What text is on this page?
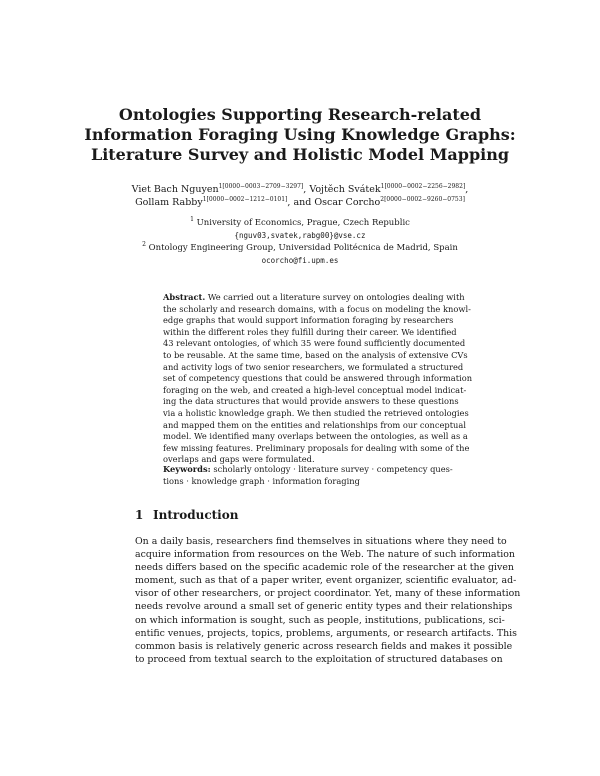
Ontologies Supporting Research-related
Information Foraging Using Knowledge Graphs:
Literature Survey and Holistic Model Mapping
Viet Bach Nguyen$^{1[0000-0003-2709-3297]}$, Vojtěch Svátek$^{1[0000-0002-2256-2982]}$,
Gollam Rabby$^{1[0000-0002-1212-0101]}$, and Oscar Corcho$^{2[0000-0002-9260-0753]}$
$^1$ University of Economics, Prague, Czech Republic
{nguv03,svatek,rabg00}@vse.cz
$^2$ Ontology Engineering Group, Universidad Politécnica de Madrid, Spain
ocorcho@fi.upm.es
Abstract. We carried out a literature survey on ontologies dealing with
the scholarly and research domains, with a focus on modeling the knowl-
edge graphs that would support information foraging by researchers
within the different roles they fulfill during their career. We identified
43 relevant ontologies, of which 35 were found sufficiently documented
to be reusable. At the same time, based on the analysis of extensive CVs
and activity logs of two senior researchers, we formulated a structured
set of competency questions that could be answered through information
foraging on the web, and created a high-level conceptual model indicat-
ing the data structures that would provide answers to these questions
via a holistic knowledge graph. We then studied the retrieved ontologies
and mapped them on the entities and relationships from our conceptual
model. We identified many overlaps between the ontologies, as well as a
few missing features. Preliminary proposals for dealing with some of the
overlaps and gaps were formulated.
Keywords: scholarly ontology · literature survey · competency ques-
tions · knowledge graph · information foraging
1 Introduction
On a daily basis, researchers find themselves in situations where they need to
acquire information from resources on the Web. The nature of such information
needs differs based on the specific academic role of the researcher at the given
moment, such as that of a paper writer, event organizer, scientific evaluator, ad-
visor of other researchers, or project coordinator. Yet, many of these information
needs revolve around a small set of generic entity types and their relationships
on which information is sought, such as people, institutions, publications, sci-
entific venues, projects, topics, problems, arguments, or research artifacts. This
common basis is relatively generic across research fields and makes it possible
to proceed from textual search to the exploitation of structured databases on
